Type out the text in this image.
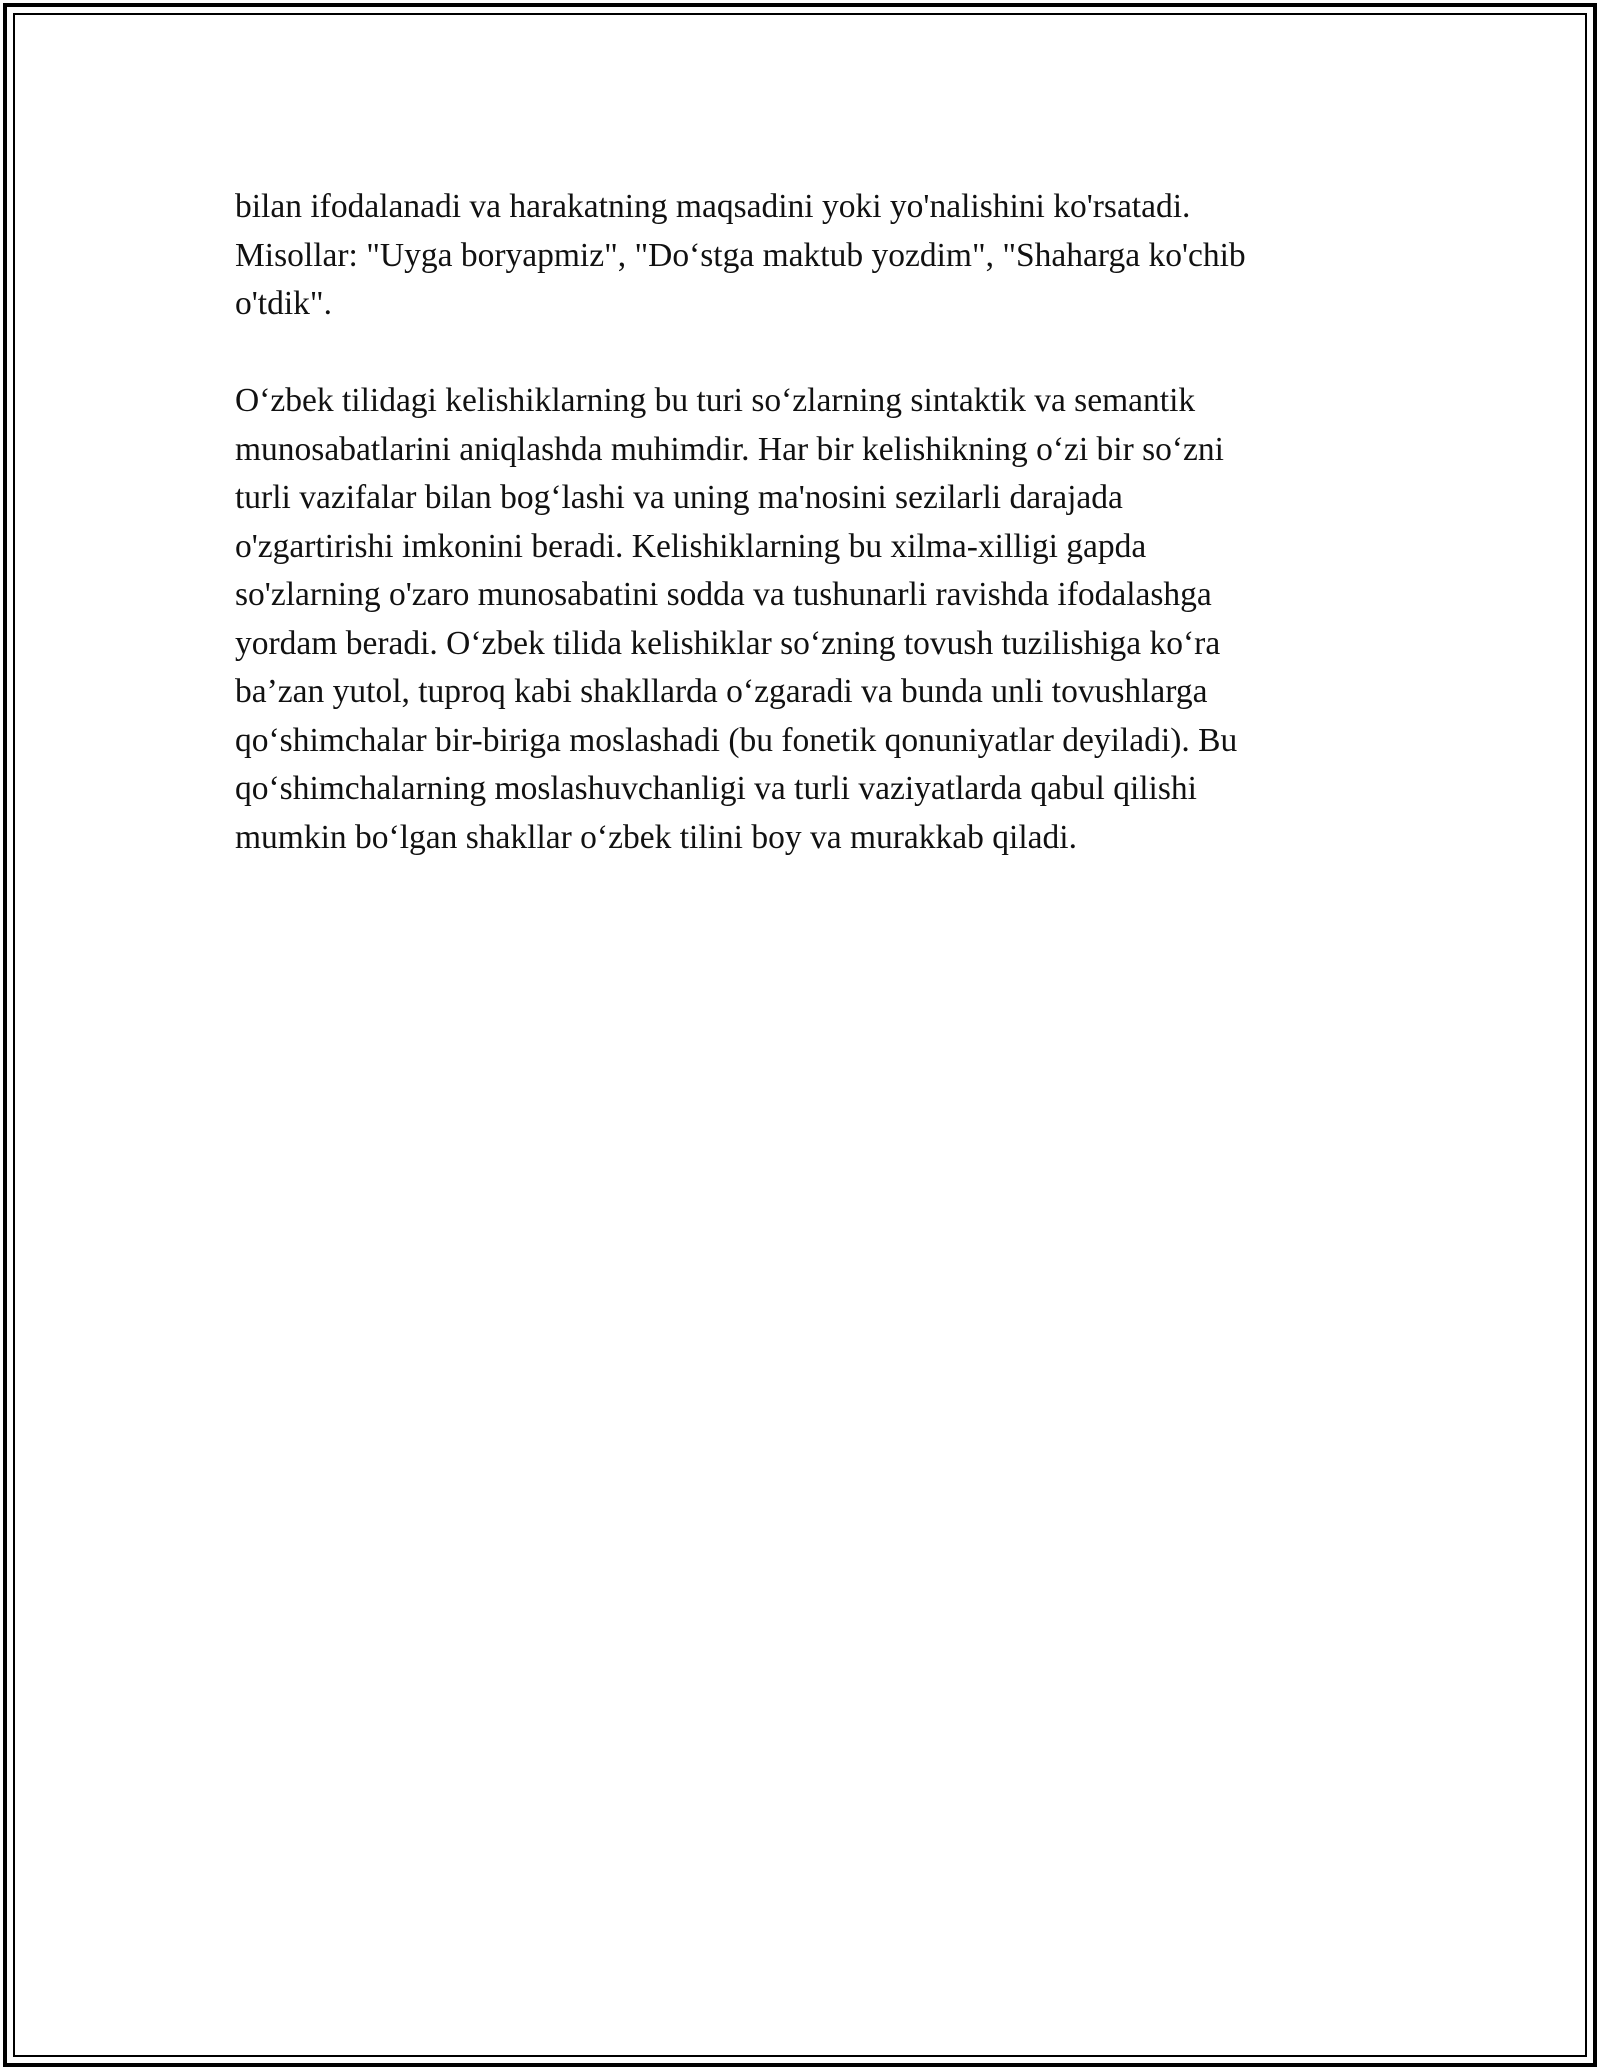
bilan ifodalanadi va harakatning maqsadini yoki yo'nalishini ko'rsatadi.
Misollar: "Uyga boryapmiz", "Do‘stga maktub yozdim", "Shaharga ko'chib
o'tdik".

O‘zbek tilidagi kelishiklarning bu turi so‘zlarning sintaktik va semantik
munosabatlarini aniqlashda muhimdir. Har bir kelishikning o‘zi bir so‘zni
turli vazifalar bilan bog‘lashi va uning ma'nosini sezilarli darajada
o'zgartirishi imkonini beradi. Kelishiklarning bu xilma-xilligi gapda
so'zlarning o'zaro munosabatini sodda va tushunarli ravishda ifodalashga
yordam beradi. O‘zbek tilida kelishiklar so‘zning tovush tuzilishiga ko‘ra
ba’zan yutol, tuproq kabi shakllarda o‘zgaradi va bunda unli tovushlarga
qo‘shimchalar bir-biriga moslashadi (bu fonetik qonuniyatlar deyiladi). Bu
qo‘shimchalarning moslashuvchanligi va turli vaziyatlarda qabul qilishi
mumkin bo‘lgan shakllar o‘zbek tilini boy va murakkab qiladi.
